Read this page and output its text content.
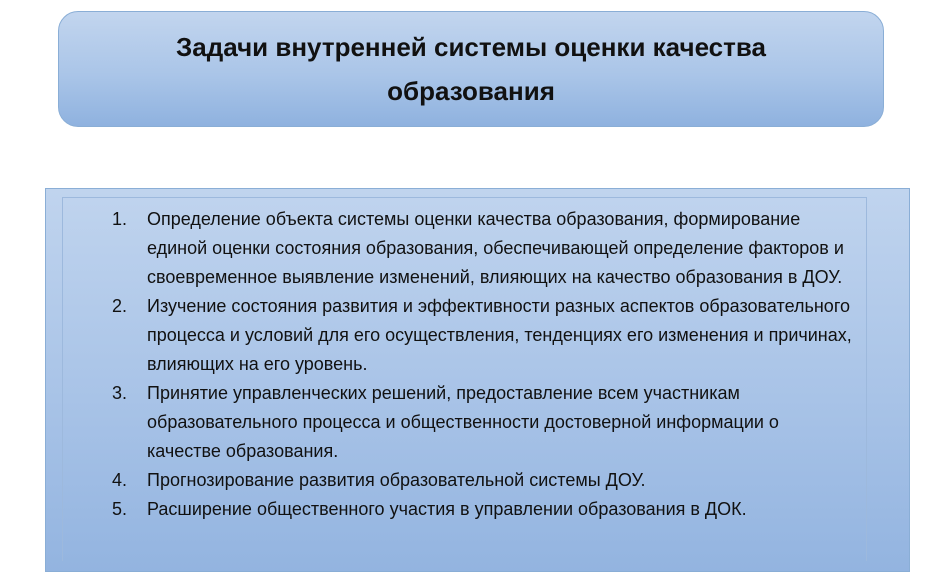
Задачи внутренней системы оценки качества образования
1.	Определение объекта системы оценки качества образования, формирование единой оценки состояния образования, обеспечивающей определение факторов и своевременное выявление изменений, влияющих на качество образования в ДОУ.
2.	Изучение состояния развития и эффективности разных аспектов образовательного процесса и условий для его осуществления, тенденциях его изменения и причинах, влияющих на его уровень.
3.	Принятие управленческих решений, предоставление всем участникам образовательного процесса и общественности достоверной информации о качестве образования.
4.	Прогнозирование развития образовательной системы ДОУ.
5.	Расширение общественного участия в управлении образования в ДОК.
